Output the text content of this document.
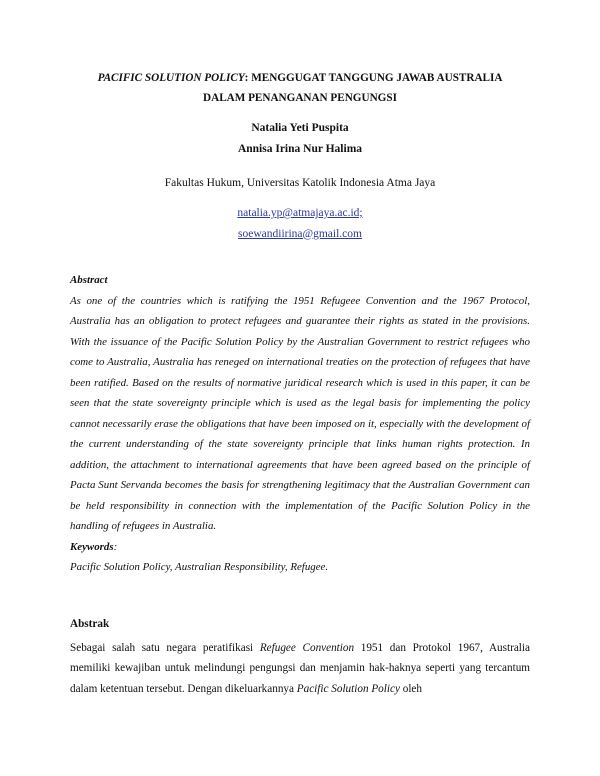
PACIFIC SOLUTION POLICY: MENGGUGAT TANGGUNG JAWAB AUSTRALIA
DALAM PENANGANAN PENGUNGSI
Natalia Yeti Puspita
Annisa Irina Nur Halima
Fakultas Hukum, Universitas Katolik Indonesia Atma Jaya
natalia.yp@atmajaya.ac.id;
soewandiirina@gmail.com
Abstract

As one of the countries which is ratifying the 1951 Refugeee Convention and the 1967 Protocol, Australia has an obligation to protect refugees and guarantee their rights as stated in the provisions. With the issuance of the Pacific Solution Policy by the Australian Government to restrict refugees who come to Australia, Australia has reneged on international treaties on the protection of refugees that have been ratified. Based on the results of normative juridical research which is used in this paper, it can be seen that the state sovereignty principle which is used as the legal basis for implementing the policy cannot necessarily erase the obligations that have been imposed on it, especially with the development of the current understanding of the state sovereignty principle that links human rights protection. In addition, the attachment to international agreements that have been agreed based on the principle of Pacta Sunt Servanda becomes the basis for strengthening legitimacy that the Australian Government can be held responsibility in connection with the implementation of the Pacific Solution Policy in the handling of refugees in Australia.

Keywords:
Pacific Solution Policy, Australian Responsibility, Refugee.
Abstrak

Sebagai salah satu negara peratifikasi Refugee Convention 1951 dan Protokol 1967, Australia memiliki kewajiban untuk melindungi pengungsi dan menjamin hak-haknya seperti yang tercantum dalam ketentuan tersebut. Dengan dikeluarkannya Pacific Solution Policy oleh
